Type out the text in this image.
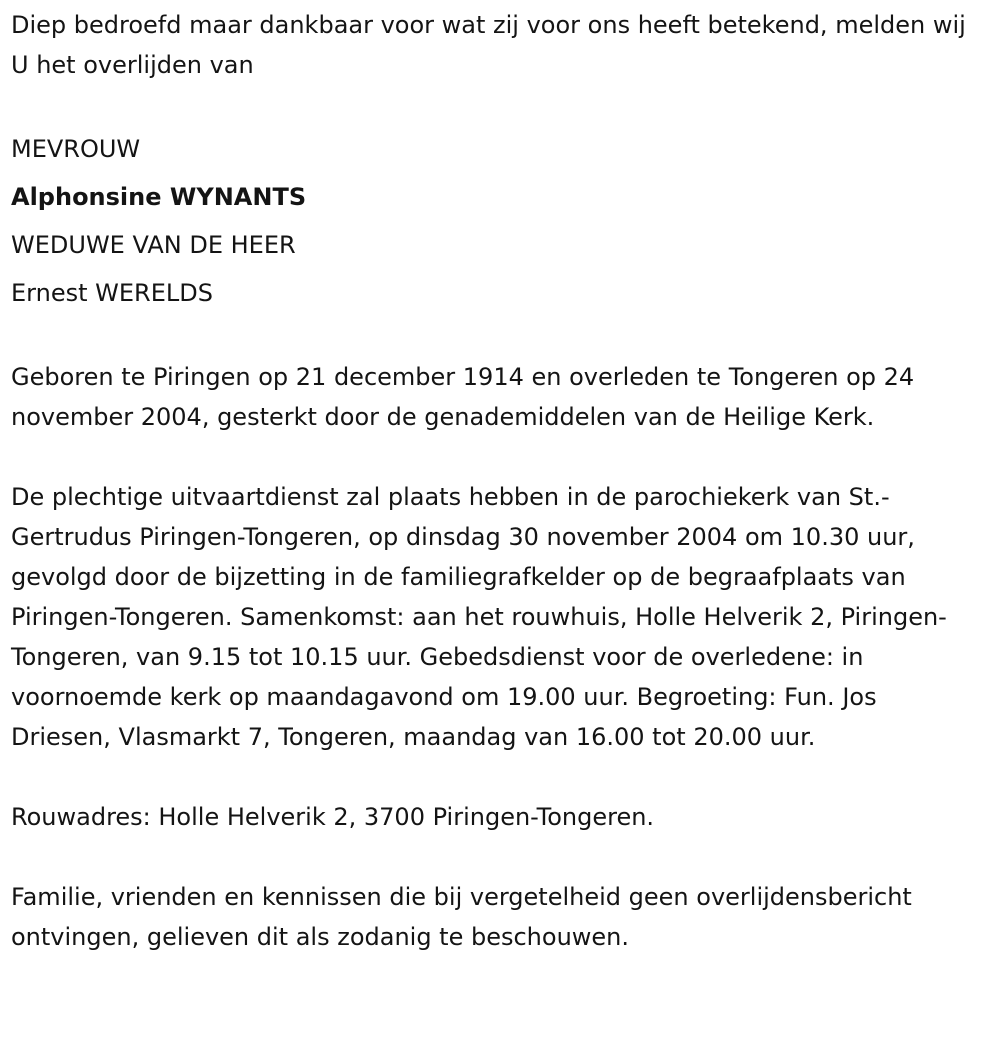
Diep bedroefd maar dankbaar voor wat zij voor ons heeft betekend, melden wij U het overlijden van

MEVROUW

Alphonsine WYNANTS

WEDUWE VAN DE HEER

Ernest WERELDS

Geboren te Piringen op 21 december 1914 en overleden te Tongeren op 24 november 2004, gesterkt door de genademiddelen van de Heilige Kerk.

De plechtige uitvaartdienst zal plaats hebben in de parochiekerk van St.-Gertrudus Piringen-Tongeren, op dinsdag 30 november 2004 om 10.30 uur, gevolgd door de bijzetting in de familiegrafkelder op de begraafplaats van Piringen-Tongeren. Samenkomst: aan het rouwhuis, Holle Helverik 2, Piringen-Tongeren, van 9.15 tot 10.15 uur. Gebedsdienst voor de overledene: in voornoemde kerk op maandagavond om 19.00 uur. Begroeting: Fun. Jos Driesen, Vlasmarkt 7, Tongeren, maandag van 16.00 tot 20.00 uur.

Rouwadres: Holle Helverik 2, 3700 Piringen-Tongeren.

Familie, vrienden en kennissen die bij vergetelheid geen overlijdensbericht ontvingen, gelieven dit als zodanig te beschouwen.
